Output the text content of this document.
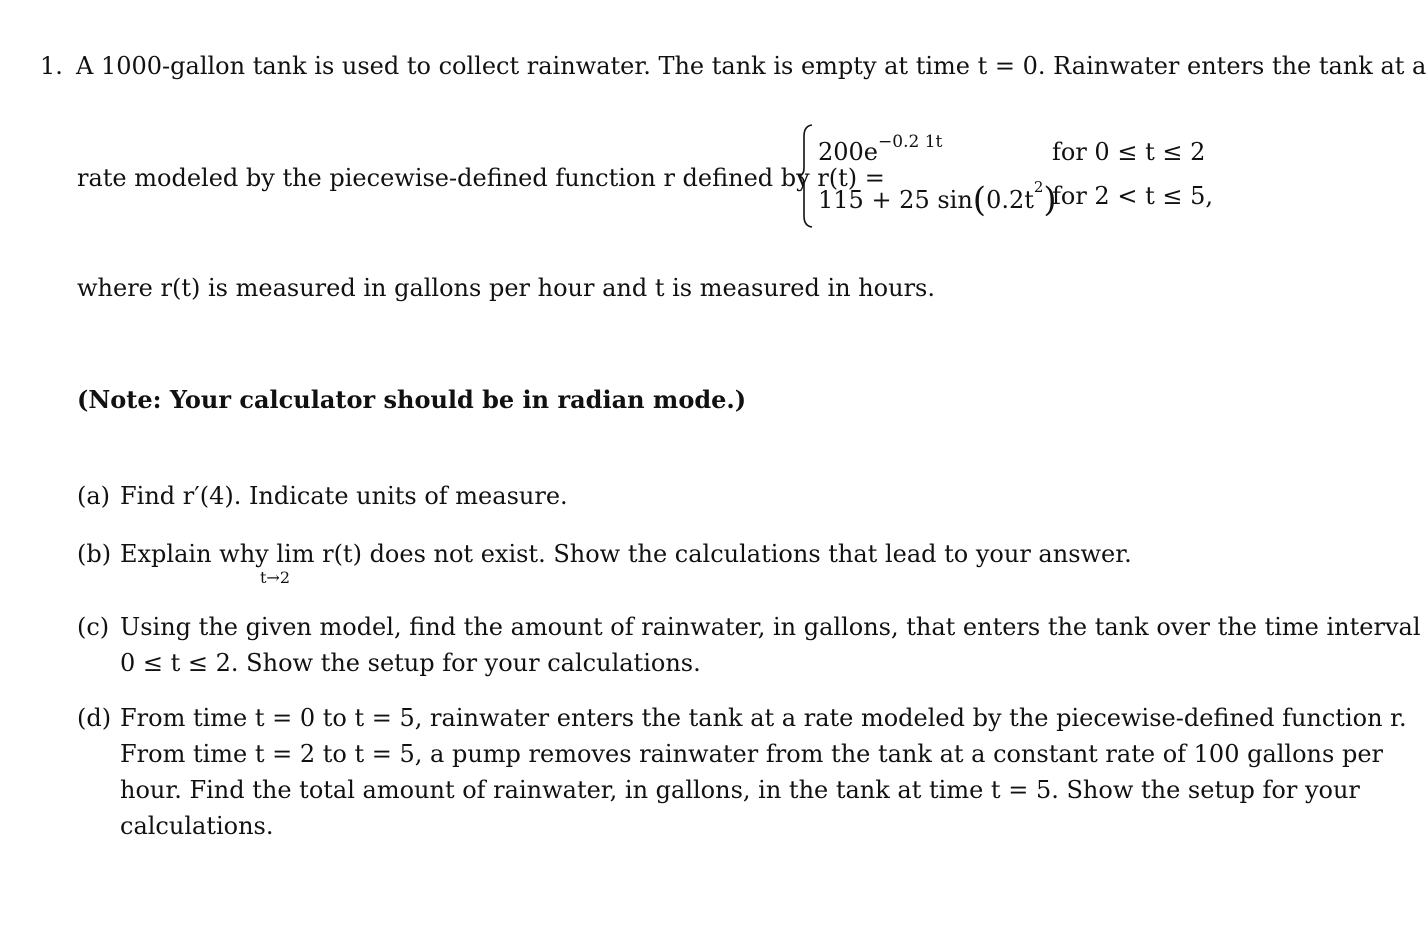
1. A 1000-gallon tank is used to collect rainwater. The tank is empty at time t = 0. Rainwater enters the tank at a
rate modeled by the piecewise-defined function r defined by r(t) =
$200e^{-0.2 1t}$	for 0 ≤ t ≤ 2
115 + 25 $\sin(0.2t^2)$
for 2 < t ≤ 5,
where r(t) is measured in gallons per hour and t is measured in hours.
(Note: Your calculator should be in radian mode.)
(a) Find r′(4). Indicate units of measure.
(b) Explain why lim r(t) does not exist. Show the calculations that lead to your answer.
t→2
(c) Using the given model, find the amount of rainwater, in gallons, that enters the tank over the time interval
0 ≤ t ≤ 2. Show the setup for your calculations.
(d) From time t = 0 to t = 5, rainwater enters the tank at a rate modeled by the piecewise-defined function r.
From time t = 2 to t = 5, a pump removes rainwater from the tank at a constant rate of 100 gallons per
hour. Find the total amount of rainwater, in gallons, in the tank at time t = 5. Show the setup for your
calculations.
